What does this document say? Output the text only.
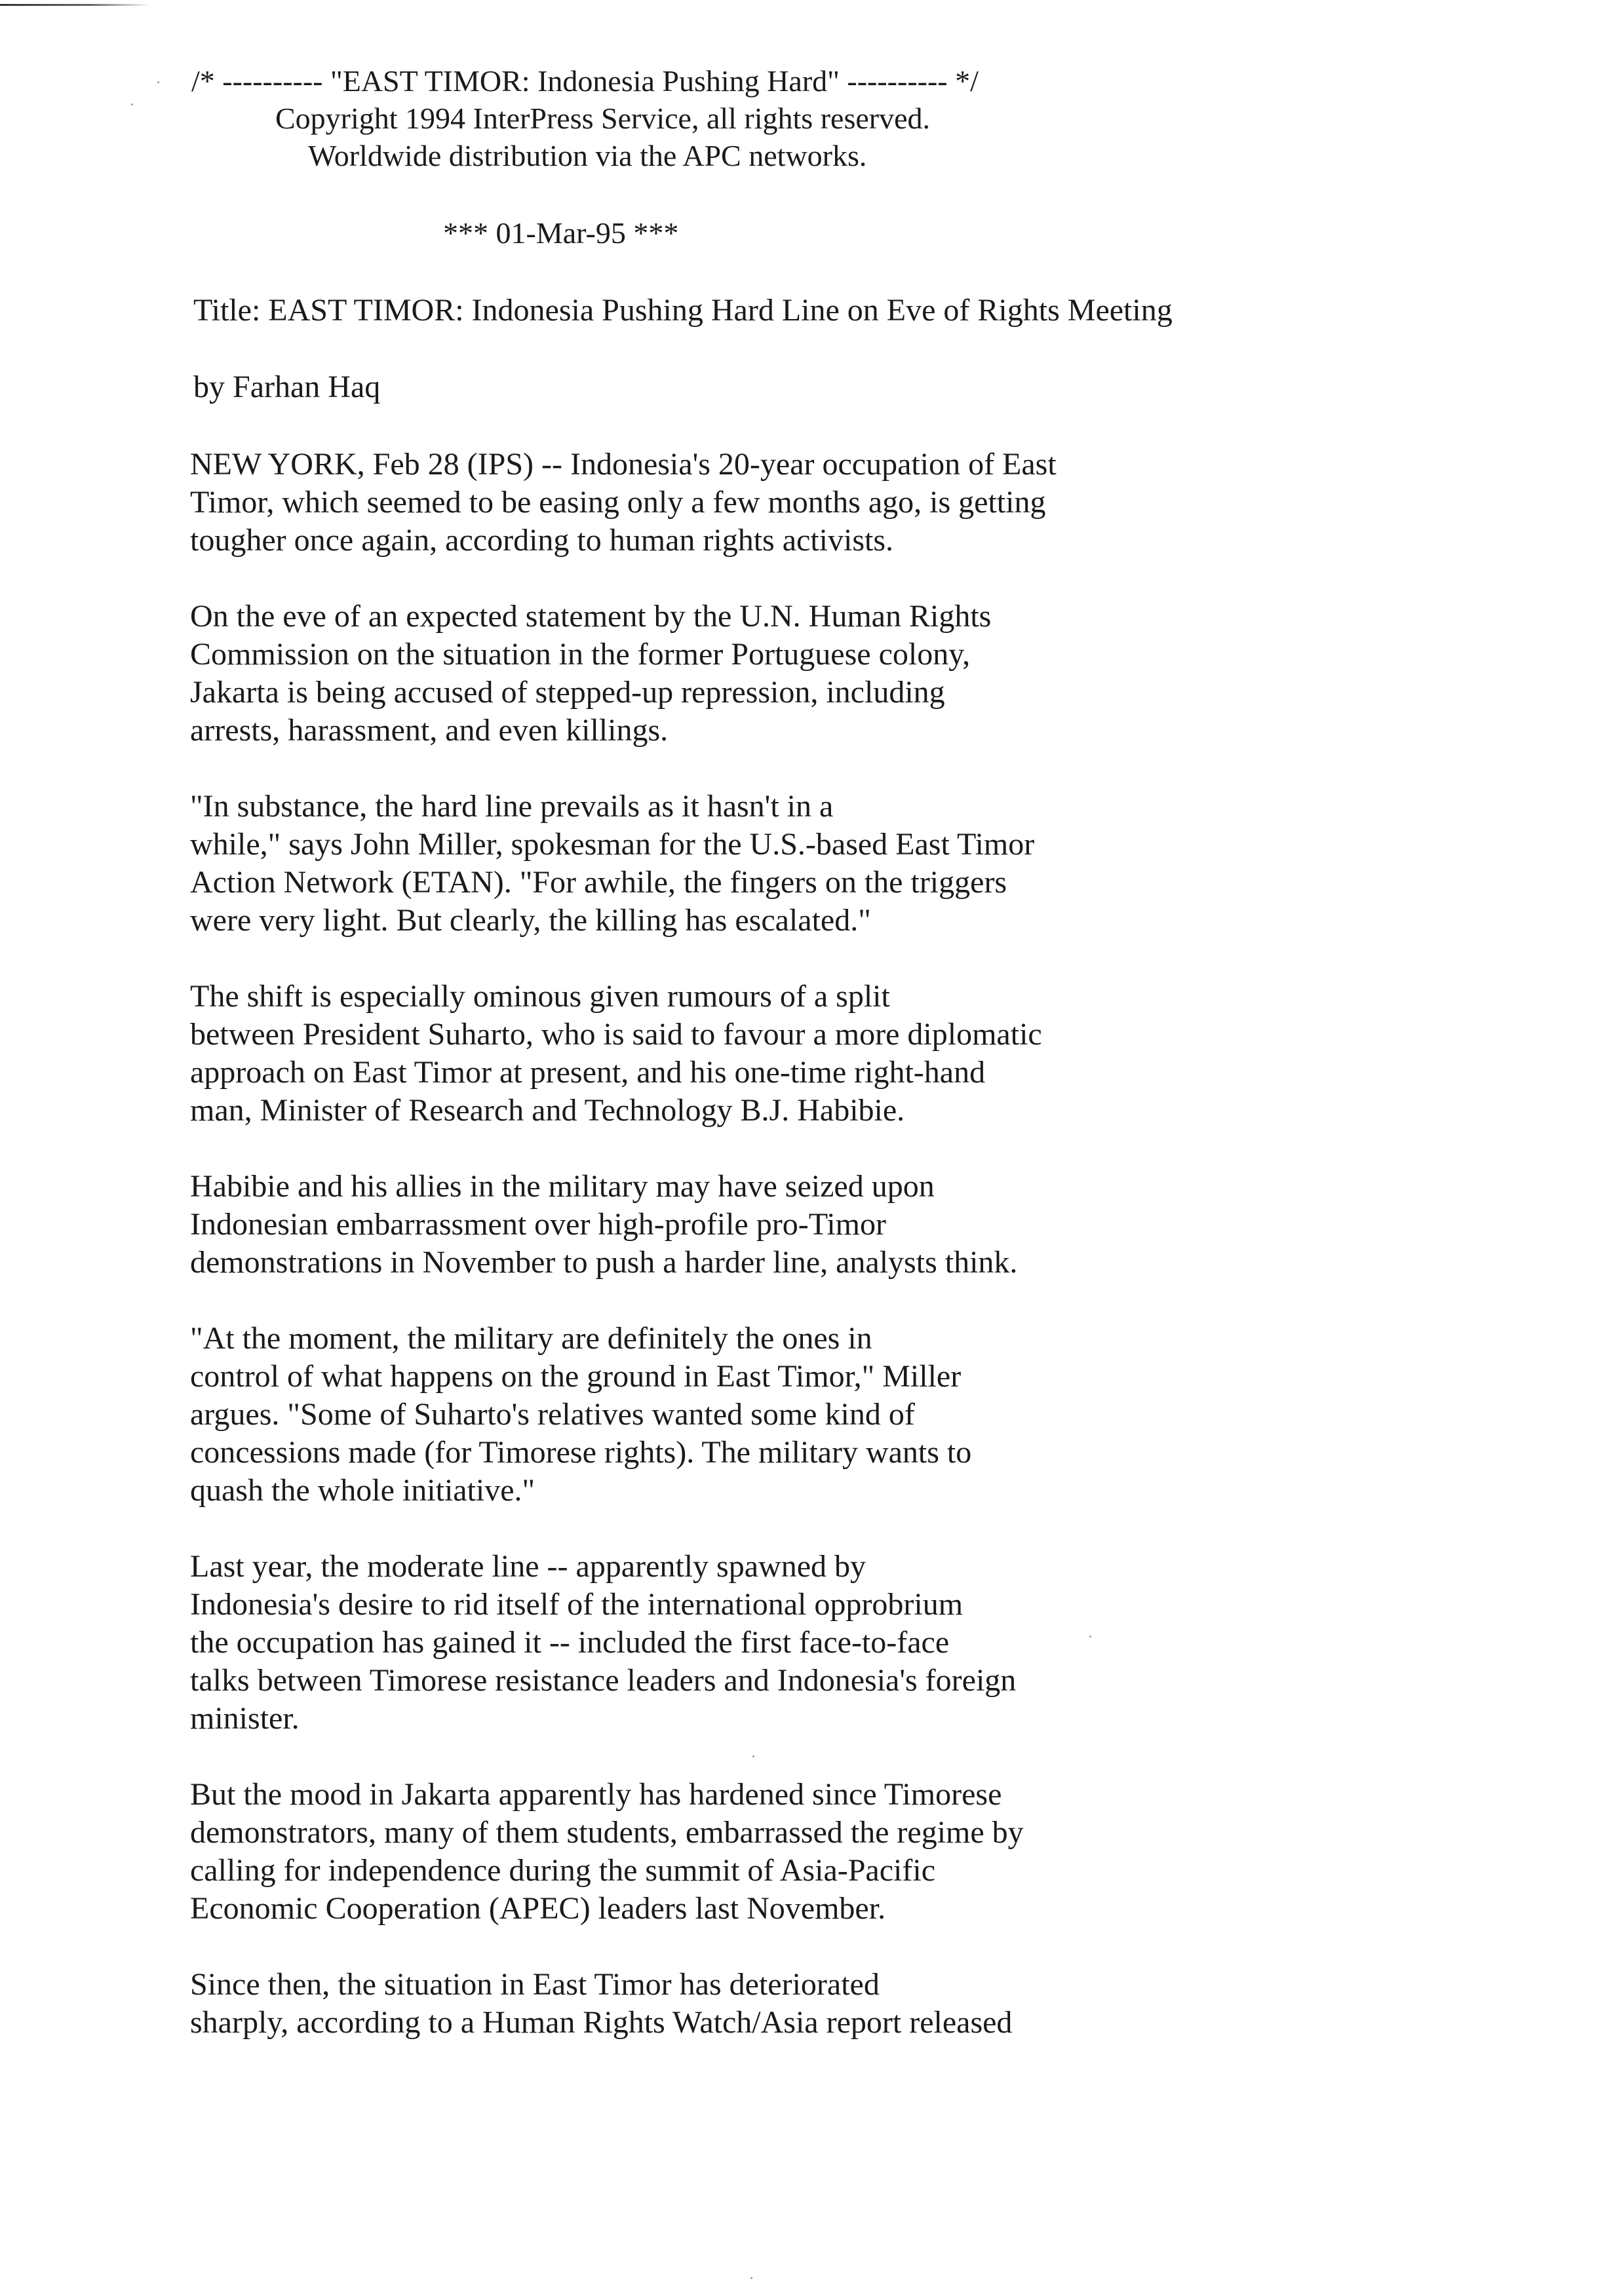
/* ---------- "EAST TIMOR: Indonesia Pushing Hard" ---------- */
Copyright 1994 InterPress Service, all rights reserved.
Worldwide distribution via the APC networks.
*** 01-Mar-95 ***
Title: EAST TIMOR: Indonesia Pushing Hard Line on Eve of Rights Meeting
by Farhan Haq
NEW YORK, Feb 28 (IPS) -- Indonesia's 20-year occupation of East
Timor, which seemed to be easing only a few months ago, is getting
tougher once again, according to human rights activists.
On the eve of an expected statement by the U.N. Human Rights
Commission on the situation in the former Portuguese colony,
Jakarta is being accused of stepped-up repression, including
arrests, harassment, and even killings.
"In substance, the hard line prevails as it hasn't in a
while," says John Miller, spokesman for the U.S.-based East Timor
Action Network (ETAN). "For awhile, the fingers on the triggers
were very light. But clearly, the killing has escalated."
The shift is especially ominous given rumours of a split
between President Suharto, who is said to favour a more diplomatic
approach on East Timor at present, and his one-time right-hand
man, Minister of Research and Technology B.J. Habibie.
Habibie and his allies in the military may have seized upon
Indonesian embarrassment over high-profile pro-Timor
demonstrations in November to push a harder line, analysts think.
"At the moment, the military are definitely the ones in
control of what happens on the ground in East Timor," Miller
argues. "Some of Suharto's relatives wanted some kind of
concessions made (for Timorese rights). The military wants to
quash the whole initiative."
Last year, the moderate line -- apparently spawned by
Indonesia's desire to rid itself of the international opprobrium
the occupation has gained it -- included the first face-to-face
talks between Timorese resistance leaders and Indonesia's foreign
minister.
But the mood in Jakarta apparently has hardened since Timorese
demonstrators, many of them students, embarrassed the regime by
calling for independence during the summit of Asia-Pacific
Economic Cooperation (APEC) leaders last November.
Since then, the situation in East Timor has deteriorated
sharply, according to a Human Rights Watch/Asia report released
